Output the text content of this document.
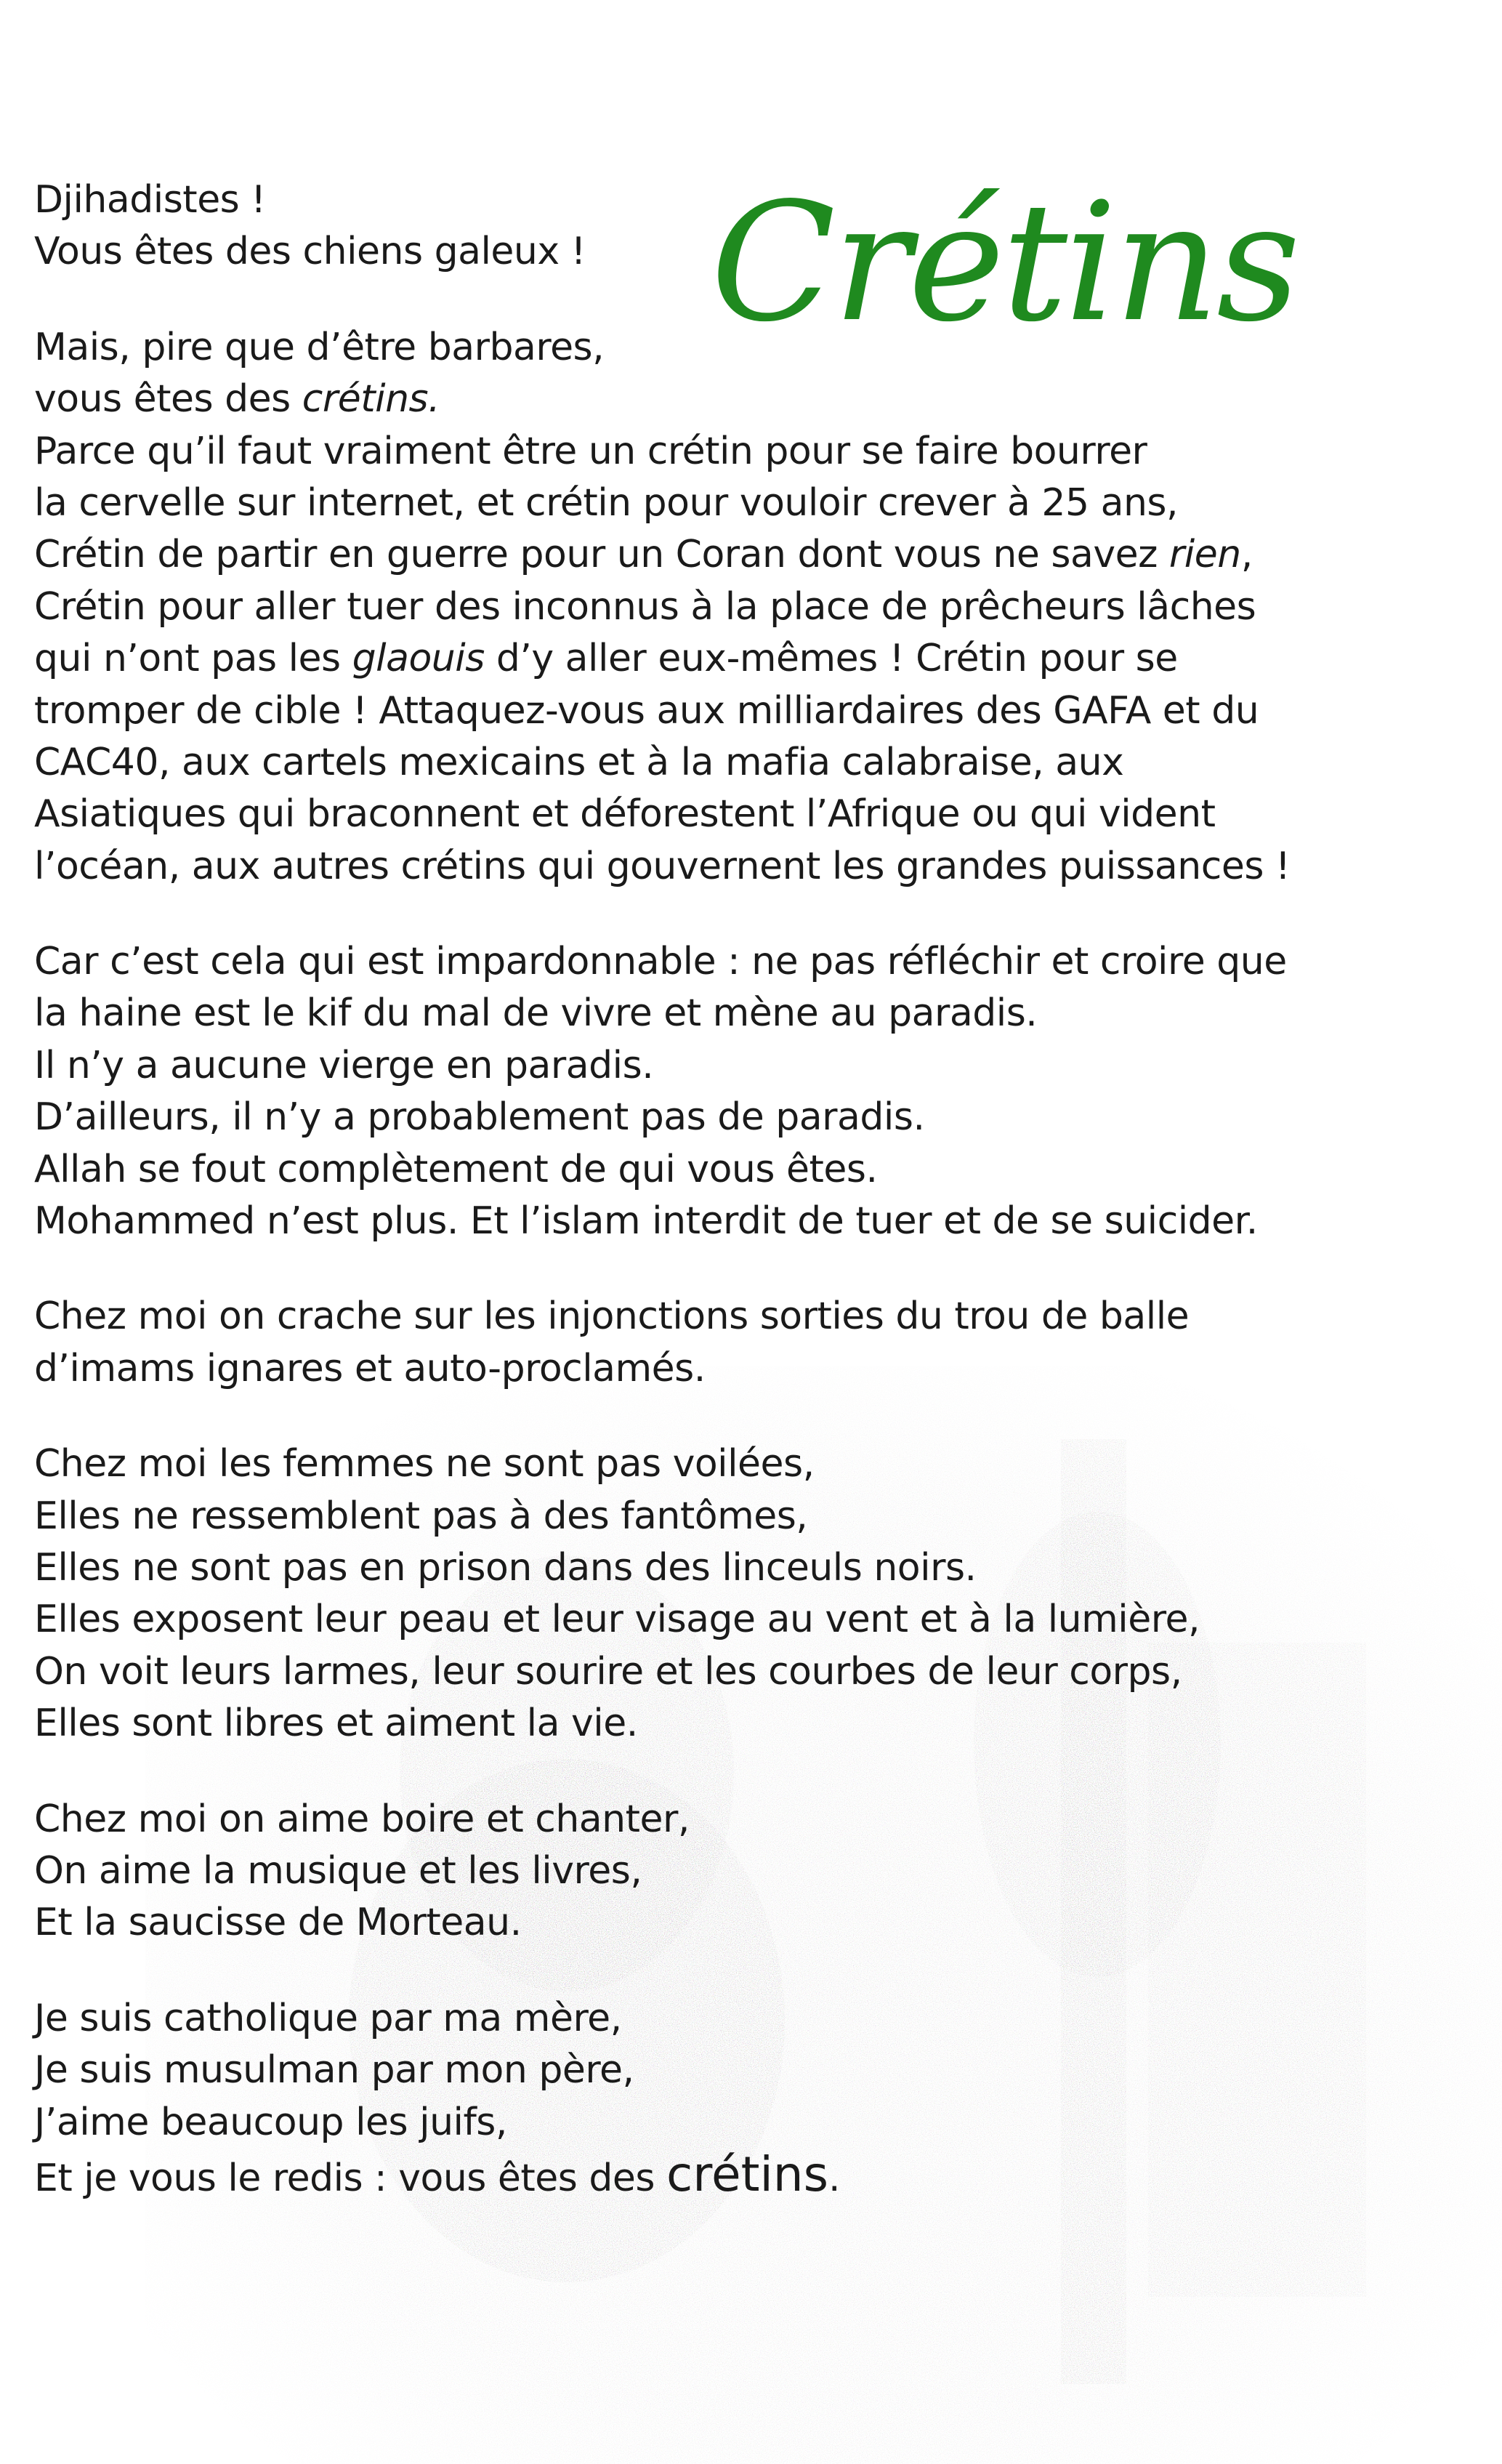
Crétins
Djihadistes !
Vous êtes des chiens galeux !
Mais, pire que d’être barbares,
vous êtes des crétins.
Parce qu’il faut vraiment être un crétin pour se faire bourrer
la cervelle sur internet, et crétin pour vouloir crever à 25 ans,
Crétin de partir en guerre pour un Coran dont vous ne savez rien,
Crétin pour aller tuer des inconnus à la place de prêcheurs lâches
qui n’ont pas les glaouis d’y aller eux-mêmes ! Crétin pour se
tromper de cible ! Attaquez-vous aux milliardaires des GAFA et du
CAC40, aux cartels mexicains et à la mafia calabraise, aux
Asiatiques qui braconnent et déforestent l’Afrique ou qui vident
l’océan, aux autres crétins qui gouvernent les grandes puissances !
Car c’est cela qui est impardonnable : ne pas réfléchir et croire que
la haine est le kif du mal de vivre et mène au paradis.
Il n’y a aucune vierge en paradis.
D’ailleurs, il n’y a probablement pas de paradis.
Allah se fout complètement de qui vous êtes.
Mohammed n’est plus. Et l’islam interdit de tuer et de se suicider.
Chez moi on crache sur les injonctions sorties du trou de balle
d’imams ignares et auto-proclamés.
Chez moi les femmes ne sont pas voilées,
Elles ne ressemblent pas à des fantômes,
Elles ne sont pas en prison dans des linceuls noirs.
Elles exposent leur peau et leur visage au vent et à la lumière,
On voit leurs larmes, leur sourire et les courbes de leur corps,
Elles sont libres et aiment la vie.
Chez moi on aime boire et chanter,
On aime la musique et les livres,
Et la saucisse de Morteau.
Je suis catholique par ma mère,
Je suis musulman par mon père,
J’aime beaucoup les juifs,
Et je vous le redis : vous êtes des crétins.
